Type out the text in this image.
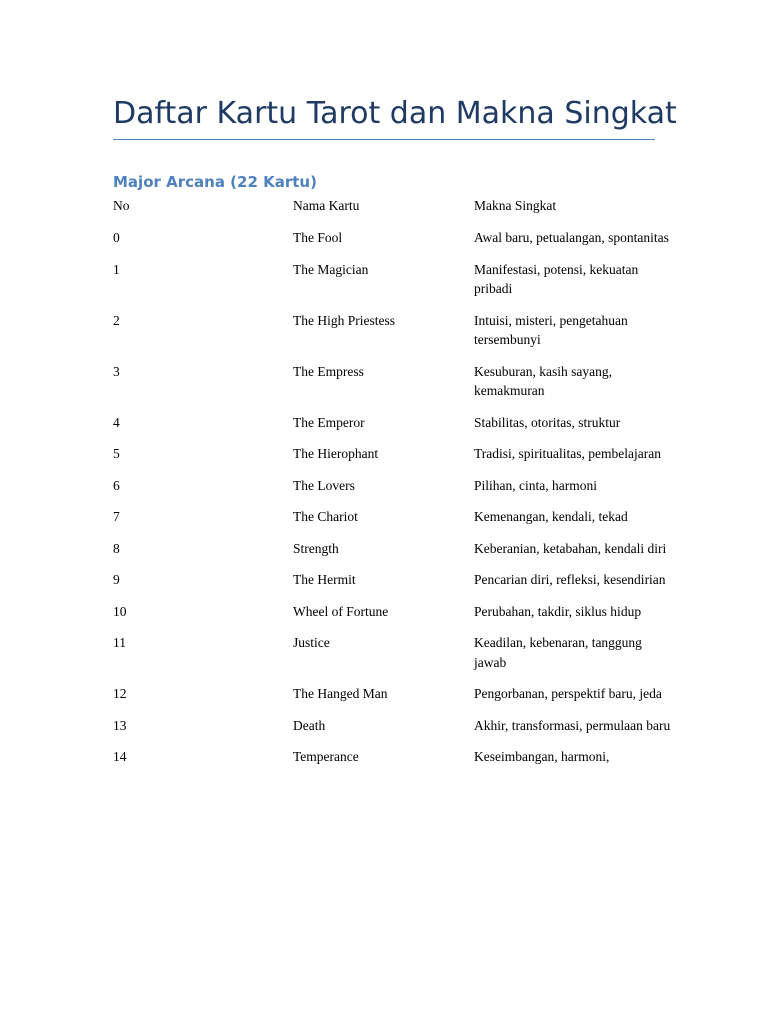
Daftar Kartu Tarot dan Makna Singkat
Major Arcana (22 Kartu)
No	Nama Kartu	Makna Singkat
0	The Fool	Awal baru, petualangan, spontanitas
1	The Magician	Manifestasi, potensi, kekuatan pribadi
2	The High Priestess	Intuisi, misteri, pengetahuan tersembunyi
3	The Empress	Kesuburan, kasih sayang, kemakmuran
4	The Emperor	Stabilitas, otoritas, struktur
5	The Hierophant	Tradisi, spiritualitas, pembelajaran
6	The Lovers	Pilihan, cinta, harmoni
7	The Chariot	Kemenangan, kendali, tekad
8	Strength	Keberanian, ketabahan, kendali diri
9	The Hermit	Pencarian diri, refleksi, kesendirian
10	Wheel of Fortune	Perubahan, takdir, siklus hidup
11	Justice	Keadilan, kebenaran, tanggung jawab
12	The Hanged Man	Pengorbanan, perspektif baru, jeda
13	Death	Akhir, transformasi, permulaan baru
14	Temperance	Keseimbangan, harmoni,
